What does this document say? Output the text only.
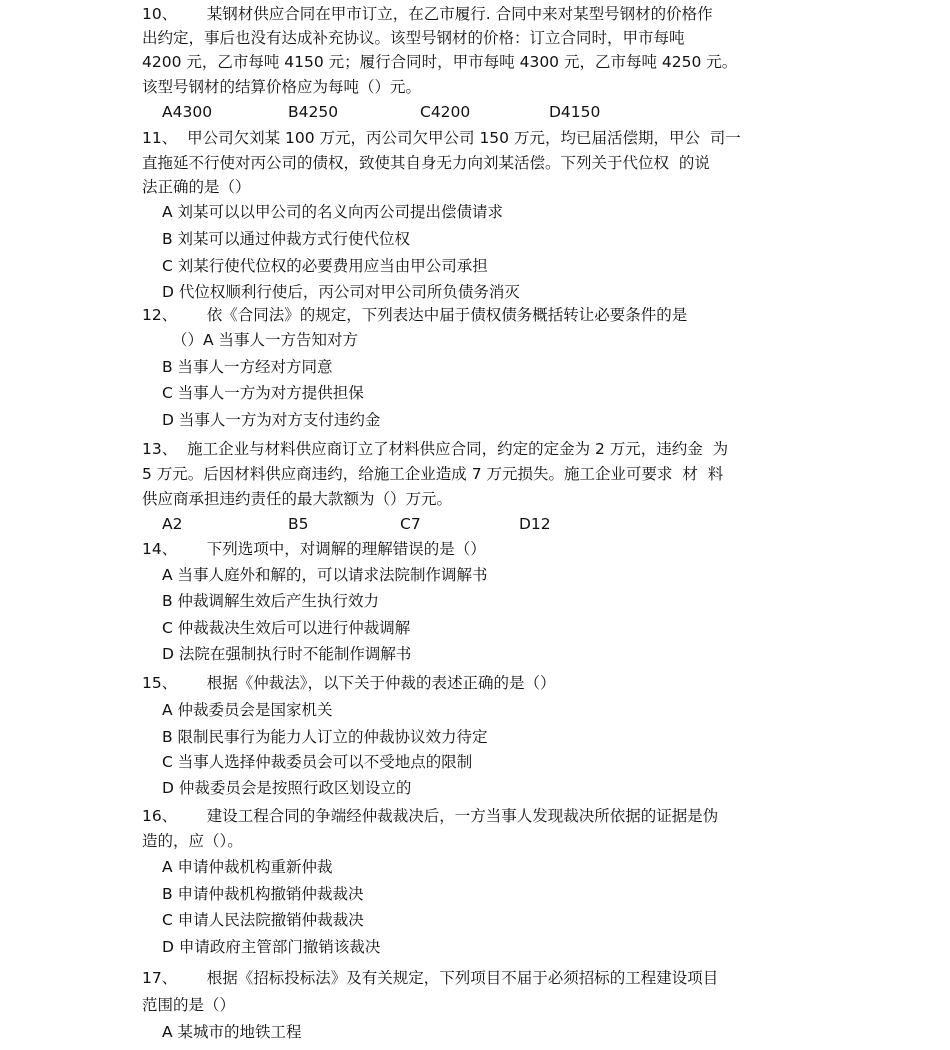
10、      某钢材供应合同在甲市订立，在乙市履行. 合同中来对某型号钢材的价格作
出约定，事后也没有达成补充协议。该型号钢材的价格：订立合同时，甲市每吨
4200 元，乙市每吨 4150 元；履行合同时，甲市每吨 4300 元，乙市每吨 4250 元。
该型号钢材的结算价格应为每吨（）元。
A4300	B4250	C4200	D4150
11、  甲公司欠刘某 100 万元，丙公司欠甲公司 150 万元，均已届活偿期，甲公  司一
直拖延不行使对丙公司的债权，致使其自身无力向刘某活偿。下列关于代位权  的说
法正确的是（）
A 刘某可以以甲公司的名义向丙公司提出偿债请求
B 刘某可以通过仲裁方式行使代位权
C 刘某行使代位权的必要费用应当由甲公司承担
D 代位权顺利行使后，丙公司对甲公司所负债务消灭
12、      依《合同法》的规定，下列表达中届于债权债务概括转让必要条件的是
（）A 当事人一方告知对方
B 当事人一方经对方同意
C 当事人一方为对方提供担保
D 当事人一方为对方支付违约金
13、  施工企业与材料供应商订立了材料供应合同，约定的定金为 2 万元，违约金  为
5 万元。后因材料供应商违约，给施工企业造成 7 万元损失。施工企业可要求  材  料
供应商承担违约责任的最大款额为（）万元。
A2	B5	C7	D12
14、      下列选项中，对调解的理解错误的是（）
A 当事人庭外和解的，可以请求法院制作调解书
B 仲裁调解生效后产生执行效力
C 仲裁裁决生效后可以进行仲裁调解
D 法院在强制执行时不能制作调解书
15、      根据《仲裁法》，以下关于仲裁的表述正确的是（）
A 仲裁委员会是国家机关
B 限制民事行为能力人订立的仲裁协议效力待定
C 当事人选择仲裁委员会可以不受地点的限制
D 仲裁委员会是按照行政区划设立的
16、      建设工程合同的争端经仲裁裁决后，一方当事人发现裁决所依据的证据是伪
造的，应（）。
A 申请仲裁机构重新仲裁
B 申请仲裁机构撤销仲裁裁决
C 申请人民法院撤销仲裁裁决
D 申请政府主管部门撤销该裁决
17、      根据《招标投标法》及有关规定，下列项目不届于必须招标的工程建设项目
范围的是（）
A 某城市的地铁工程
